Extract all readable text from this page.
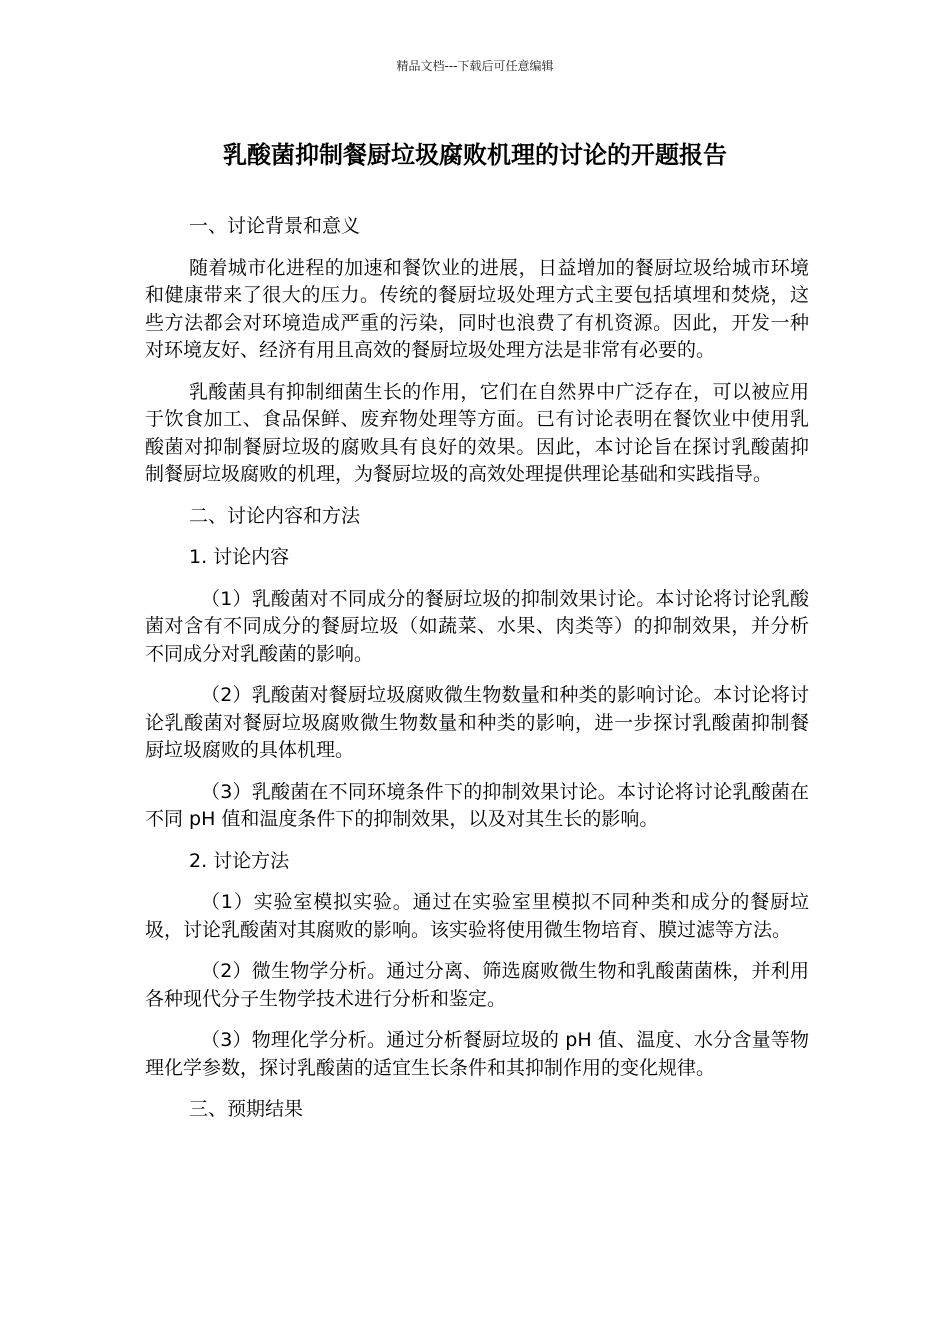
精品文档---下载后可任意编辑
乳酸菌抑制餐厨垃圾腐败机理的讨论的开题报告

一、讨论背景和意义

随着城市化进程的加速和餐饮业的进展，日益增加的餐厨垃圾给城市环境和健康带来了很大的压力。传统的餐厨垃圾处理方式主要包括填埋和焚烧，这些方法都会对环境造成严重的污染，同时也浪费了有机资源。因此，开发一种对环境友好、经济有用且高效的餐厨垃圾处理方法是非常有必要的。

乳酸菌具有抑制细菌生长的作用，它们在自然界中广泛存在，可以被应用于饮食加工、食品保鲜、废弃物处理等方面。已有讨论表明在餐饮业中使用乳酸菌对抑制餐厨垃圾的腐败具有良好的效果。因此，本讨论旨在探讨乳酸菌抑制餐厨垃圾腐败的机理，为餐厨垃圾的高效处理提供理论基础和实践指导。

二、讨论内容和方法

1. 讨论内容

（1）乳酸菌对不同成分的餐厨垃圾的抑制效果讨论。本讨论将讨论乳酸菌对含有不同成分的餐厨垃圾（如蔬菜、水果、肉类等）的抑制效果，并分析不同成分对乳酸菌的影响。

（2）乳酸菌对餐厨垃圾腐败微生物数量和种类的影响讨论。本讨论将讨论乳酸菌对餐厨垃圾腐败微生物数量和种类的影响，进一步探讨乳酸菌抑制餐厨垃圾腐败的具体机理。

（3）乳酸菌在不同环境条件下的抑制效果讨论。本讨论将讨论乳酸菌在不同 pH 值和温度条件下的抑制效果，以及对其生长的影响。

2. 讨论方法

（1）实验室模拟实验。通过在实验室里模拟不同种类和成分的餐厨垃圾，讨论乳酸菌对其腐败的影响。该实验将使用微生物培育、膜过滤等方法。

（2）微生物学分析。通过分离、筛选腐败微生物和乳酸菌菌株，并利用各种现代分子生物学技术进行分析和鉴定。

（3）物理化学分析。通过分析餐厨垃圾的 pH 值、温度、水分含量等物理化学参数，探讨乳酸菌的适宜生长条件和其抑制作用的变化规律。

三、预期结果
